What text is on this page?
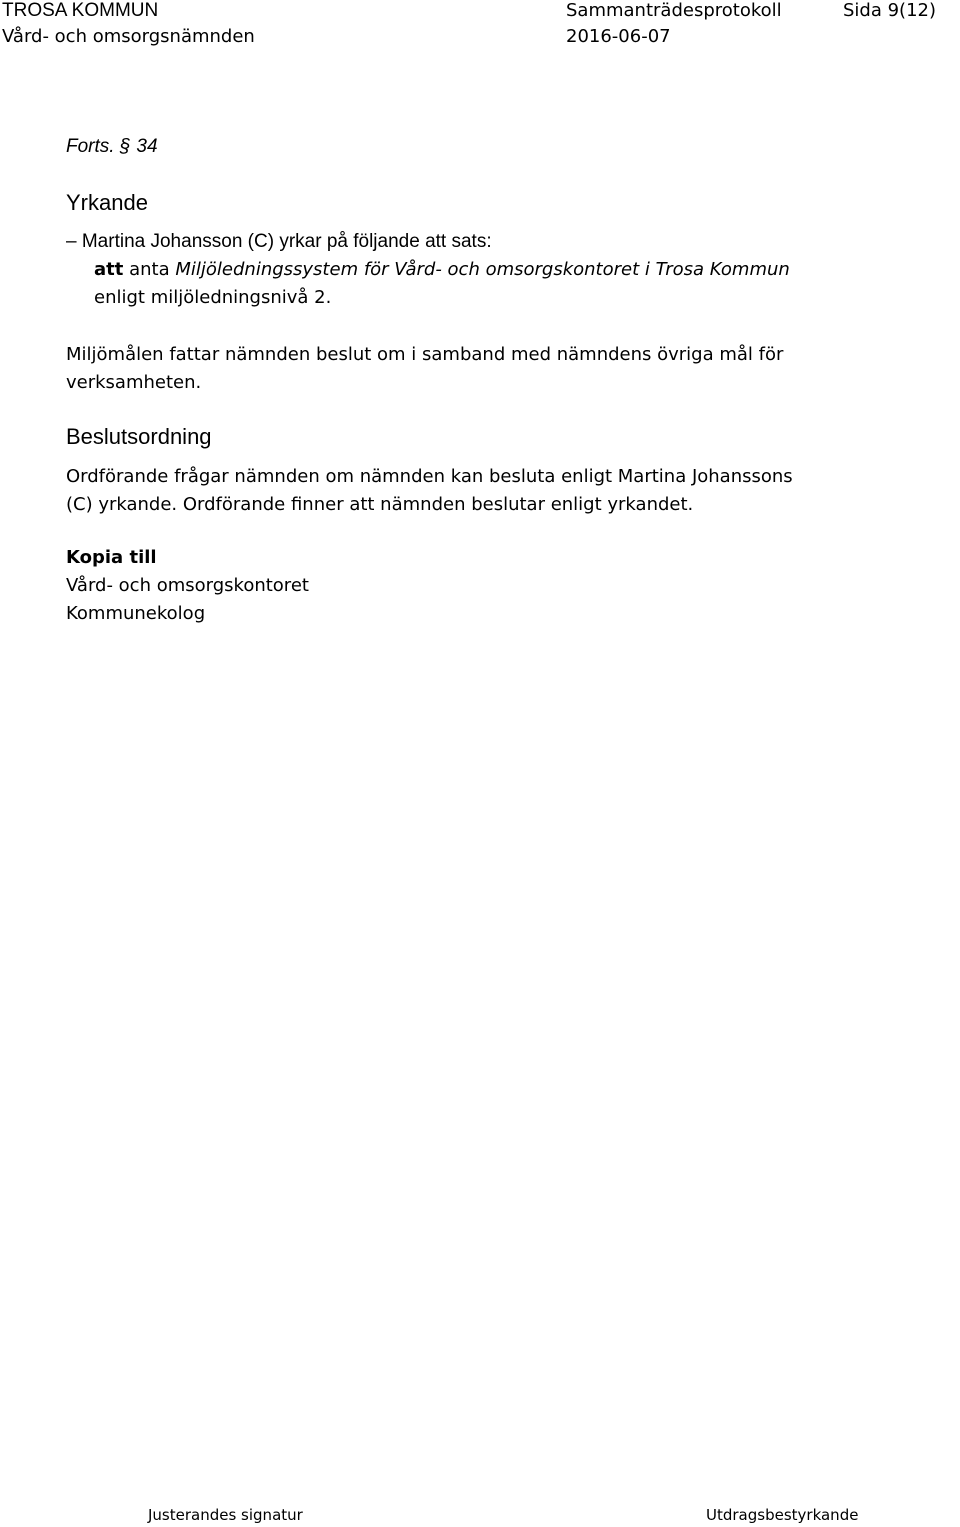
TROSA KOMMUN
Vård- och omsorgsnämnden
Sammanträdesprotokoll
2016-06-07
Sida 9(12)
Forts. § 34
Yrkande
– Martina Johansson (C) yrkar på följande att sats:
att anta Miljöledningssystem för Vård- och omsorgskontoret i Trosa Kommun
enligt miljöledningsnivå 2.
Miljömålen fattar nämnden beslut om i samband med nämndens övriga mål för
verksamheten.
Beslutsordning
Ordförande frågar nämnden om nämnden kan besluta enligt Martina Johanssons
(C) yrkande. Ordförande finner att nämnden beslutar enligt yrkandet.
Kopia till
Vård- och omsorgskontoret
Kommunekolog
Justerandes signatur	Utdragsbestyrkande
